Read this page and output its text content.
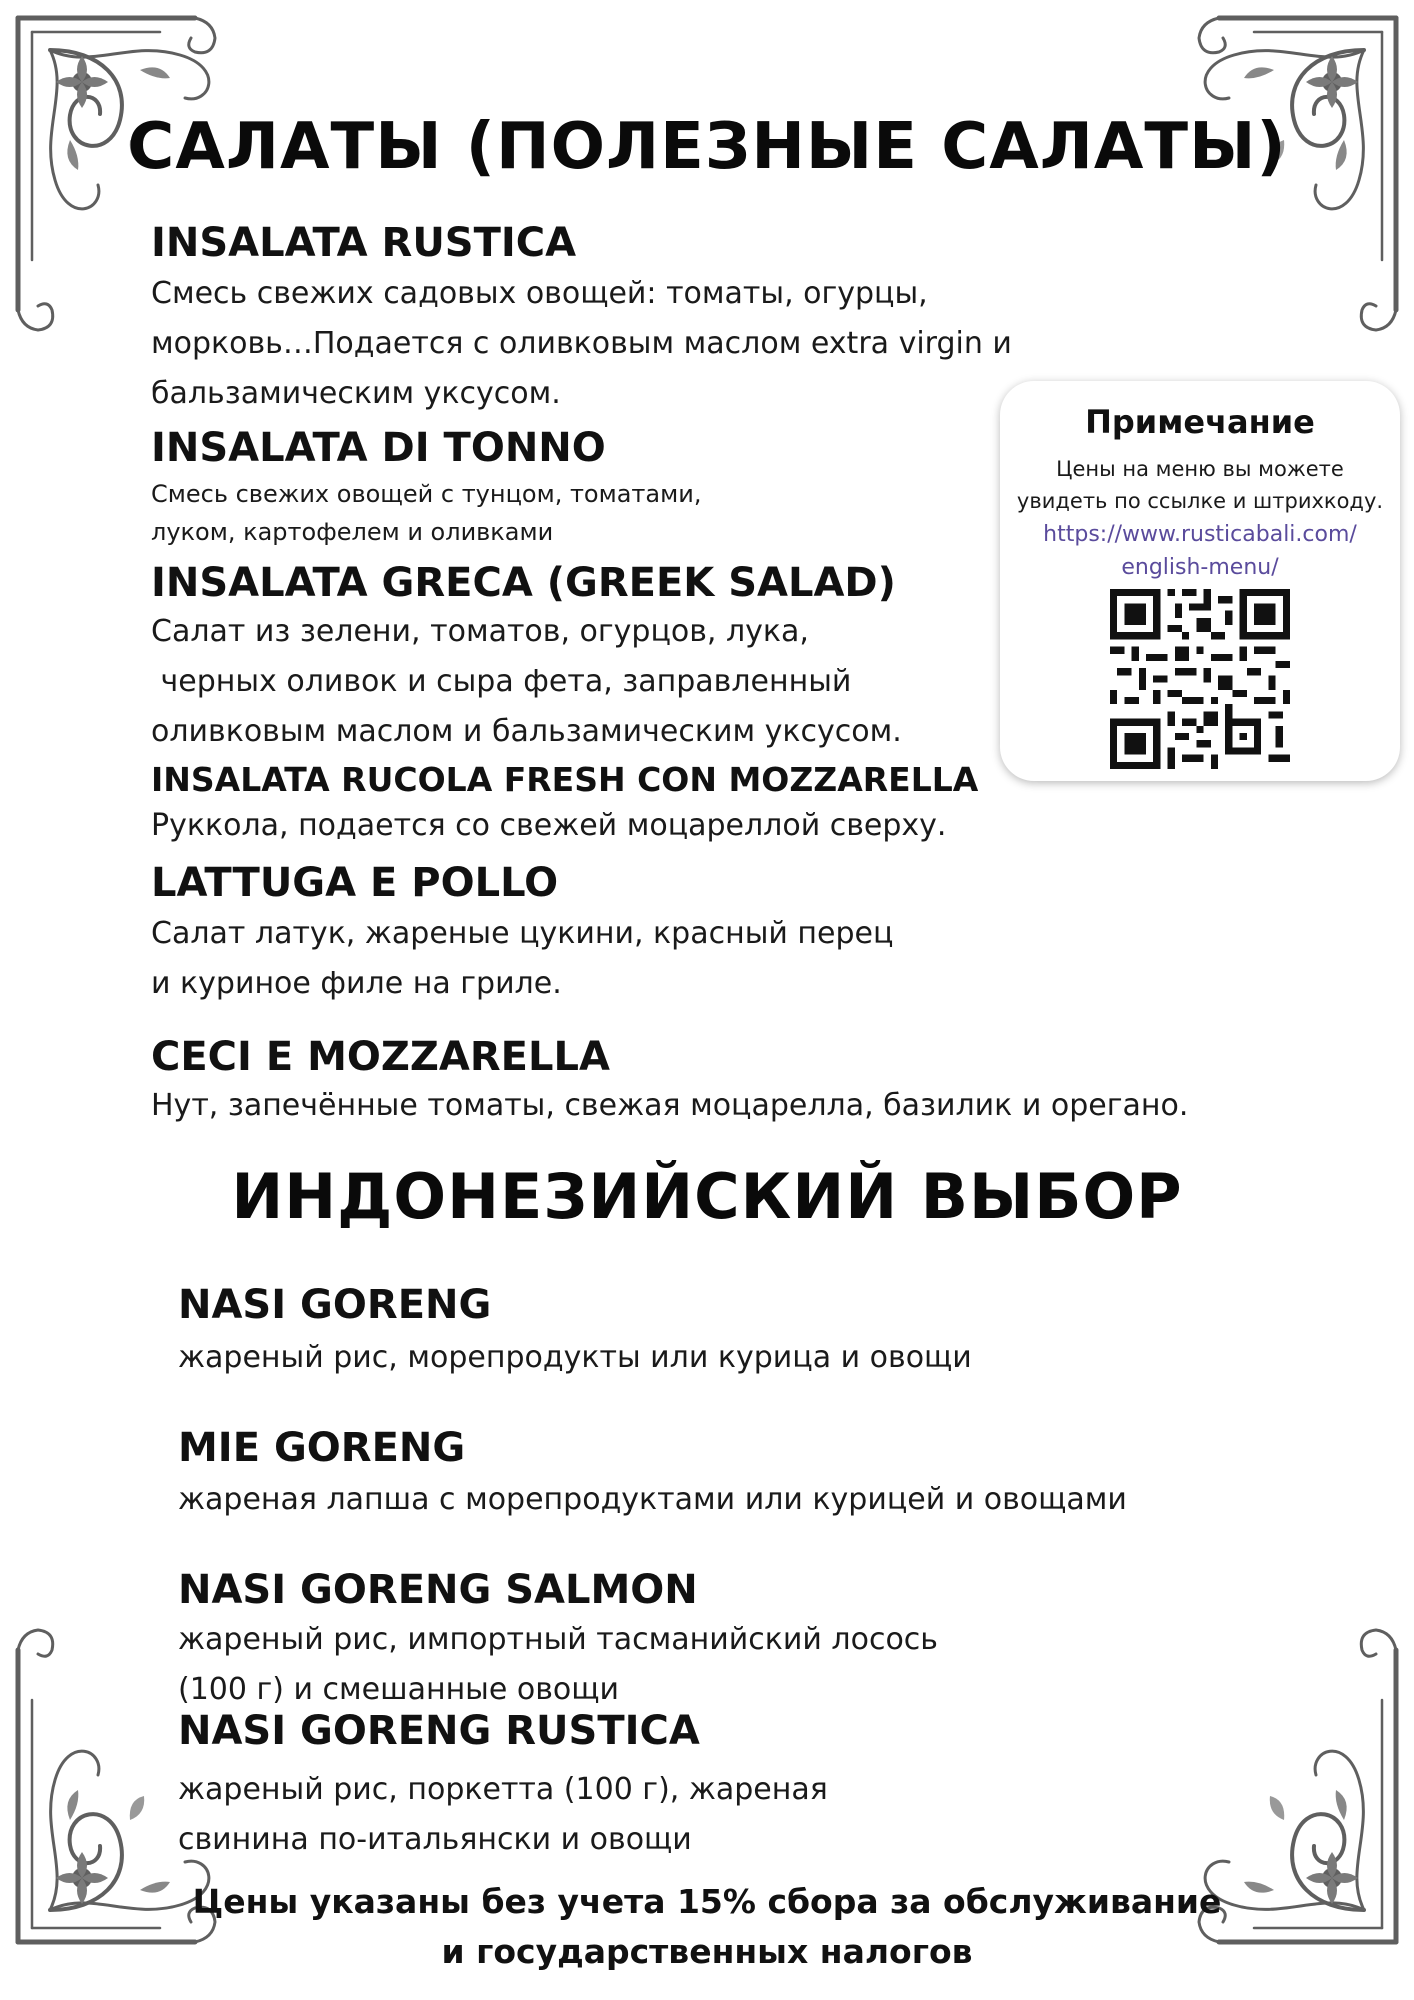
САЛАТЫ (ПОЛЕЗНЫЕ САЛАТЫ)
INSALATA RUSTICA
Смесь свежих садовых овощей: томаты, огурцы,
морковь…Подается с оливковым маслом extra virgin и
бальзамическим уксусом.
INSALATA DI TONNO
Смесь свежих овощей с тунцом, томатами,
луком, картофелем и оливками
INSALATA GRECA (GREEK SALAD)
Салат из зелени, томатов, огурцов, лука,
черных оливок и сыра фета, заправленный
оливковым маслом и бальзамическим уксусом.
INSALATA RUCOLA FRESH CON MOZZARELLA
Руккола, подается со свежей моцареллой сверху.
LATTUGA E POLLO
Салат латук, жареные цукини, красный перец
и куриное филе на гриле.
CECI E MOZZARELLA
Нут, запечённые томаты, свежая моцарелла, базилик и орегано.
Примечание
Цены на меню вы можете
увидеть по ссылке и штрихкоду.
https://www.rusticabali.com/
english-menu/
ИНДОНЕЗИЙСКИЙ ВЫБОР
NASI GORENG
жареный рис, морепродукты или курица и овощи
MIE GORENG
жареная лапша с морепродуктами или курицей и овощами
NASI GORENG SALMON
жареный рис, импортный тасманийский лосось
(100 г) и смешанные овощи
NASI GORENG RUSTICA
жареный рис, поркетта (100 г), жареная
свинина по-итальянски и овощи
Цены указаны без учета 15% сбора за обслуживание
и государственных налогов
